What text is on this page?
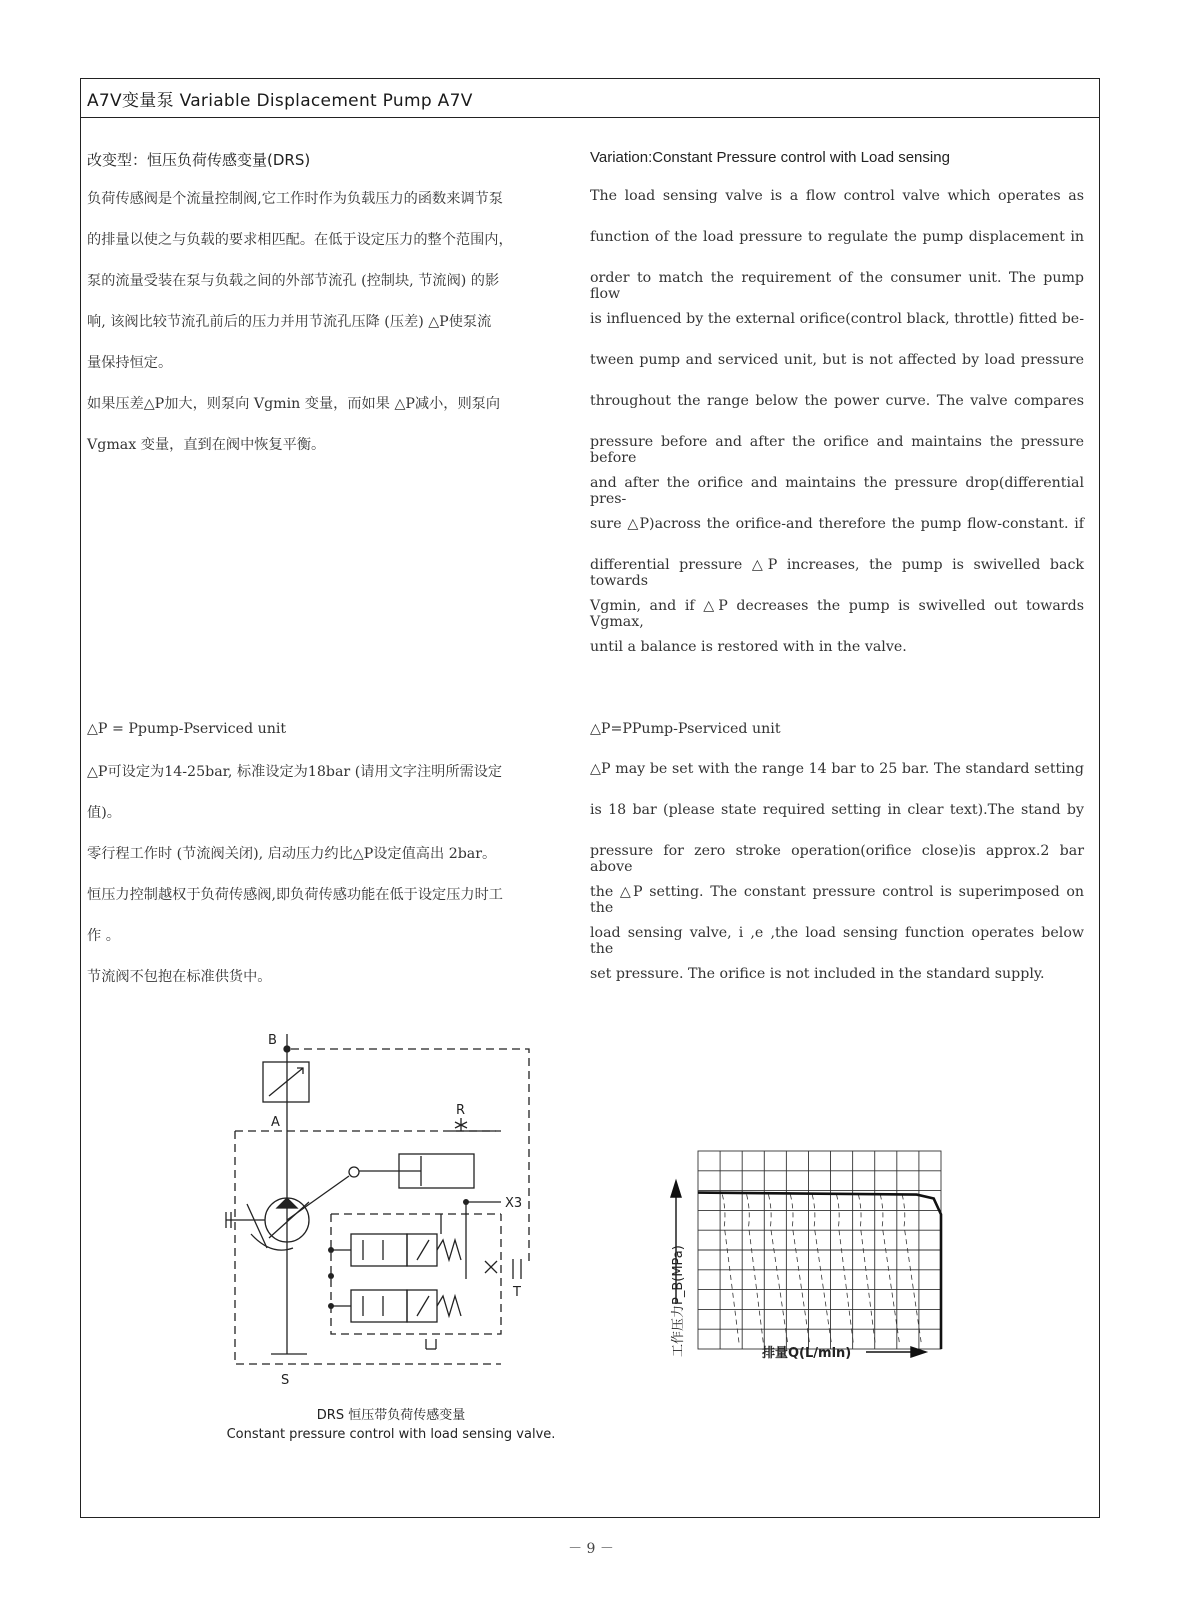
A7V变量泵 Variable Displacement Pump A7V
改变型：恒压负荷传感变量(DRS)
负荷传感阀是个流量控制阀,它工作时作为负载压力的函数来调节泵
的排量以使之与负载的要求相匹配。在低于设定压力的整个范围内，
泵的流量受装在泵与负载之间的外部节流孔 (控制块, 节流阀) 的影
响, 该阀比较节流孔前后的压力并用节流孔压降 (压差) △P使泵流
量保持恒定。
如果压差△P加大，则泵向 Vgmin 变量，而如果 △P减小，则泵向
Vgmax 变量，直到在阀中恢复平衡。
Variation:Constant Pressure control with Load sensing
The load sensing valve is a flow control valve which operates as
function of the load pressure to regulate the pump displacement in
order to match the requirement of the consumer unit. The pump flow
is influenced by the external orifice(control black, throttle) fitted be-
tween pump and serviced unit, but is not affected by load pressure
throughout the range below the power curve. The valve compares
pressure before and after the orifice and maintains the pressure before
and after the orifice and maintains the pressure drop(differential pres-
sure △P)across the orifice-and therefore the pump flow-constant. if
differential pressure △P increases, the pump is swivelled back towards
Vgmin, and if △P decreases the pump is swivelled out towards Vgmax,
until a balance is restored with in the valve.
△P = Ppump-Pserviced unit
△P可设定为14-25bar, 标准设定为18bar (请用文字注明所需设定
值)。
零行程工作时 (节流阀关闭), 启动压力约比△P设定值高出 2bar。
恒压力控制越权于负荷传感阀,即负荷传感功能在低于设定压力时工
作 。
节流阀不包抱在标准供货中。
△P=PPump-Pserviced unit
△P may be set with the range 14 bar to 25 bar. The standard setting
is 18 bar (please state required setting in clear text).The stand by
pressure for zero stroke operation(orifice close)is approx.2 bar above
the △P setting. The constant pressure control is superimposed on the
load sensing valve, i ,e ,the load sensing function operates below the
set pressure. The orifice is not included in the standard supply.
B
A
R
X3
T
S
DRS 恒压带负荷传感变量
Constant pressure control with load sensing valve.
排量Q(L/min)
工作压力P_B(MPa)
－ 9 －
